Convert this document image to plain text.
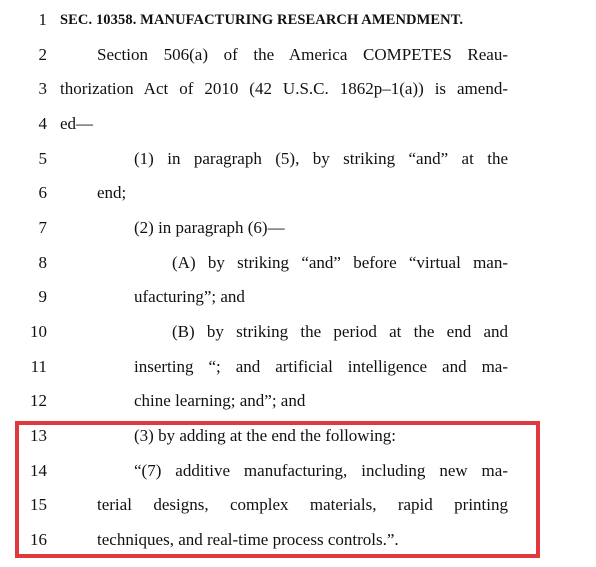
1 SEC. 10358. MANUFACTURING RESEARCH AMENDMENT.
2	Section 506(a) of the America COMPETES Reau-
3 thorization Act of 2010 (42 U.S.C. 1862p–1(a)) is amend-
4 ed—
5	(1) in paragraph (5), by striking “and” at the
6	end;
7	(2) in paragraph (6)—
8	(A) by striking “and” before “virtual man-
9	ufacturing”; and
10	(B) by striking the period at the end and
11	inserting “; and artificial intelligence and ma-
12	chine learning; and”; and
13	(3) by adding at the end the following:
14	“(7) additive manufacturing, including new ma-
15	terial designs, complex materials, rapid printing
16	techniques, and real-time process controls.”.
